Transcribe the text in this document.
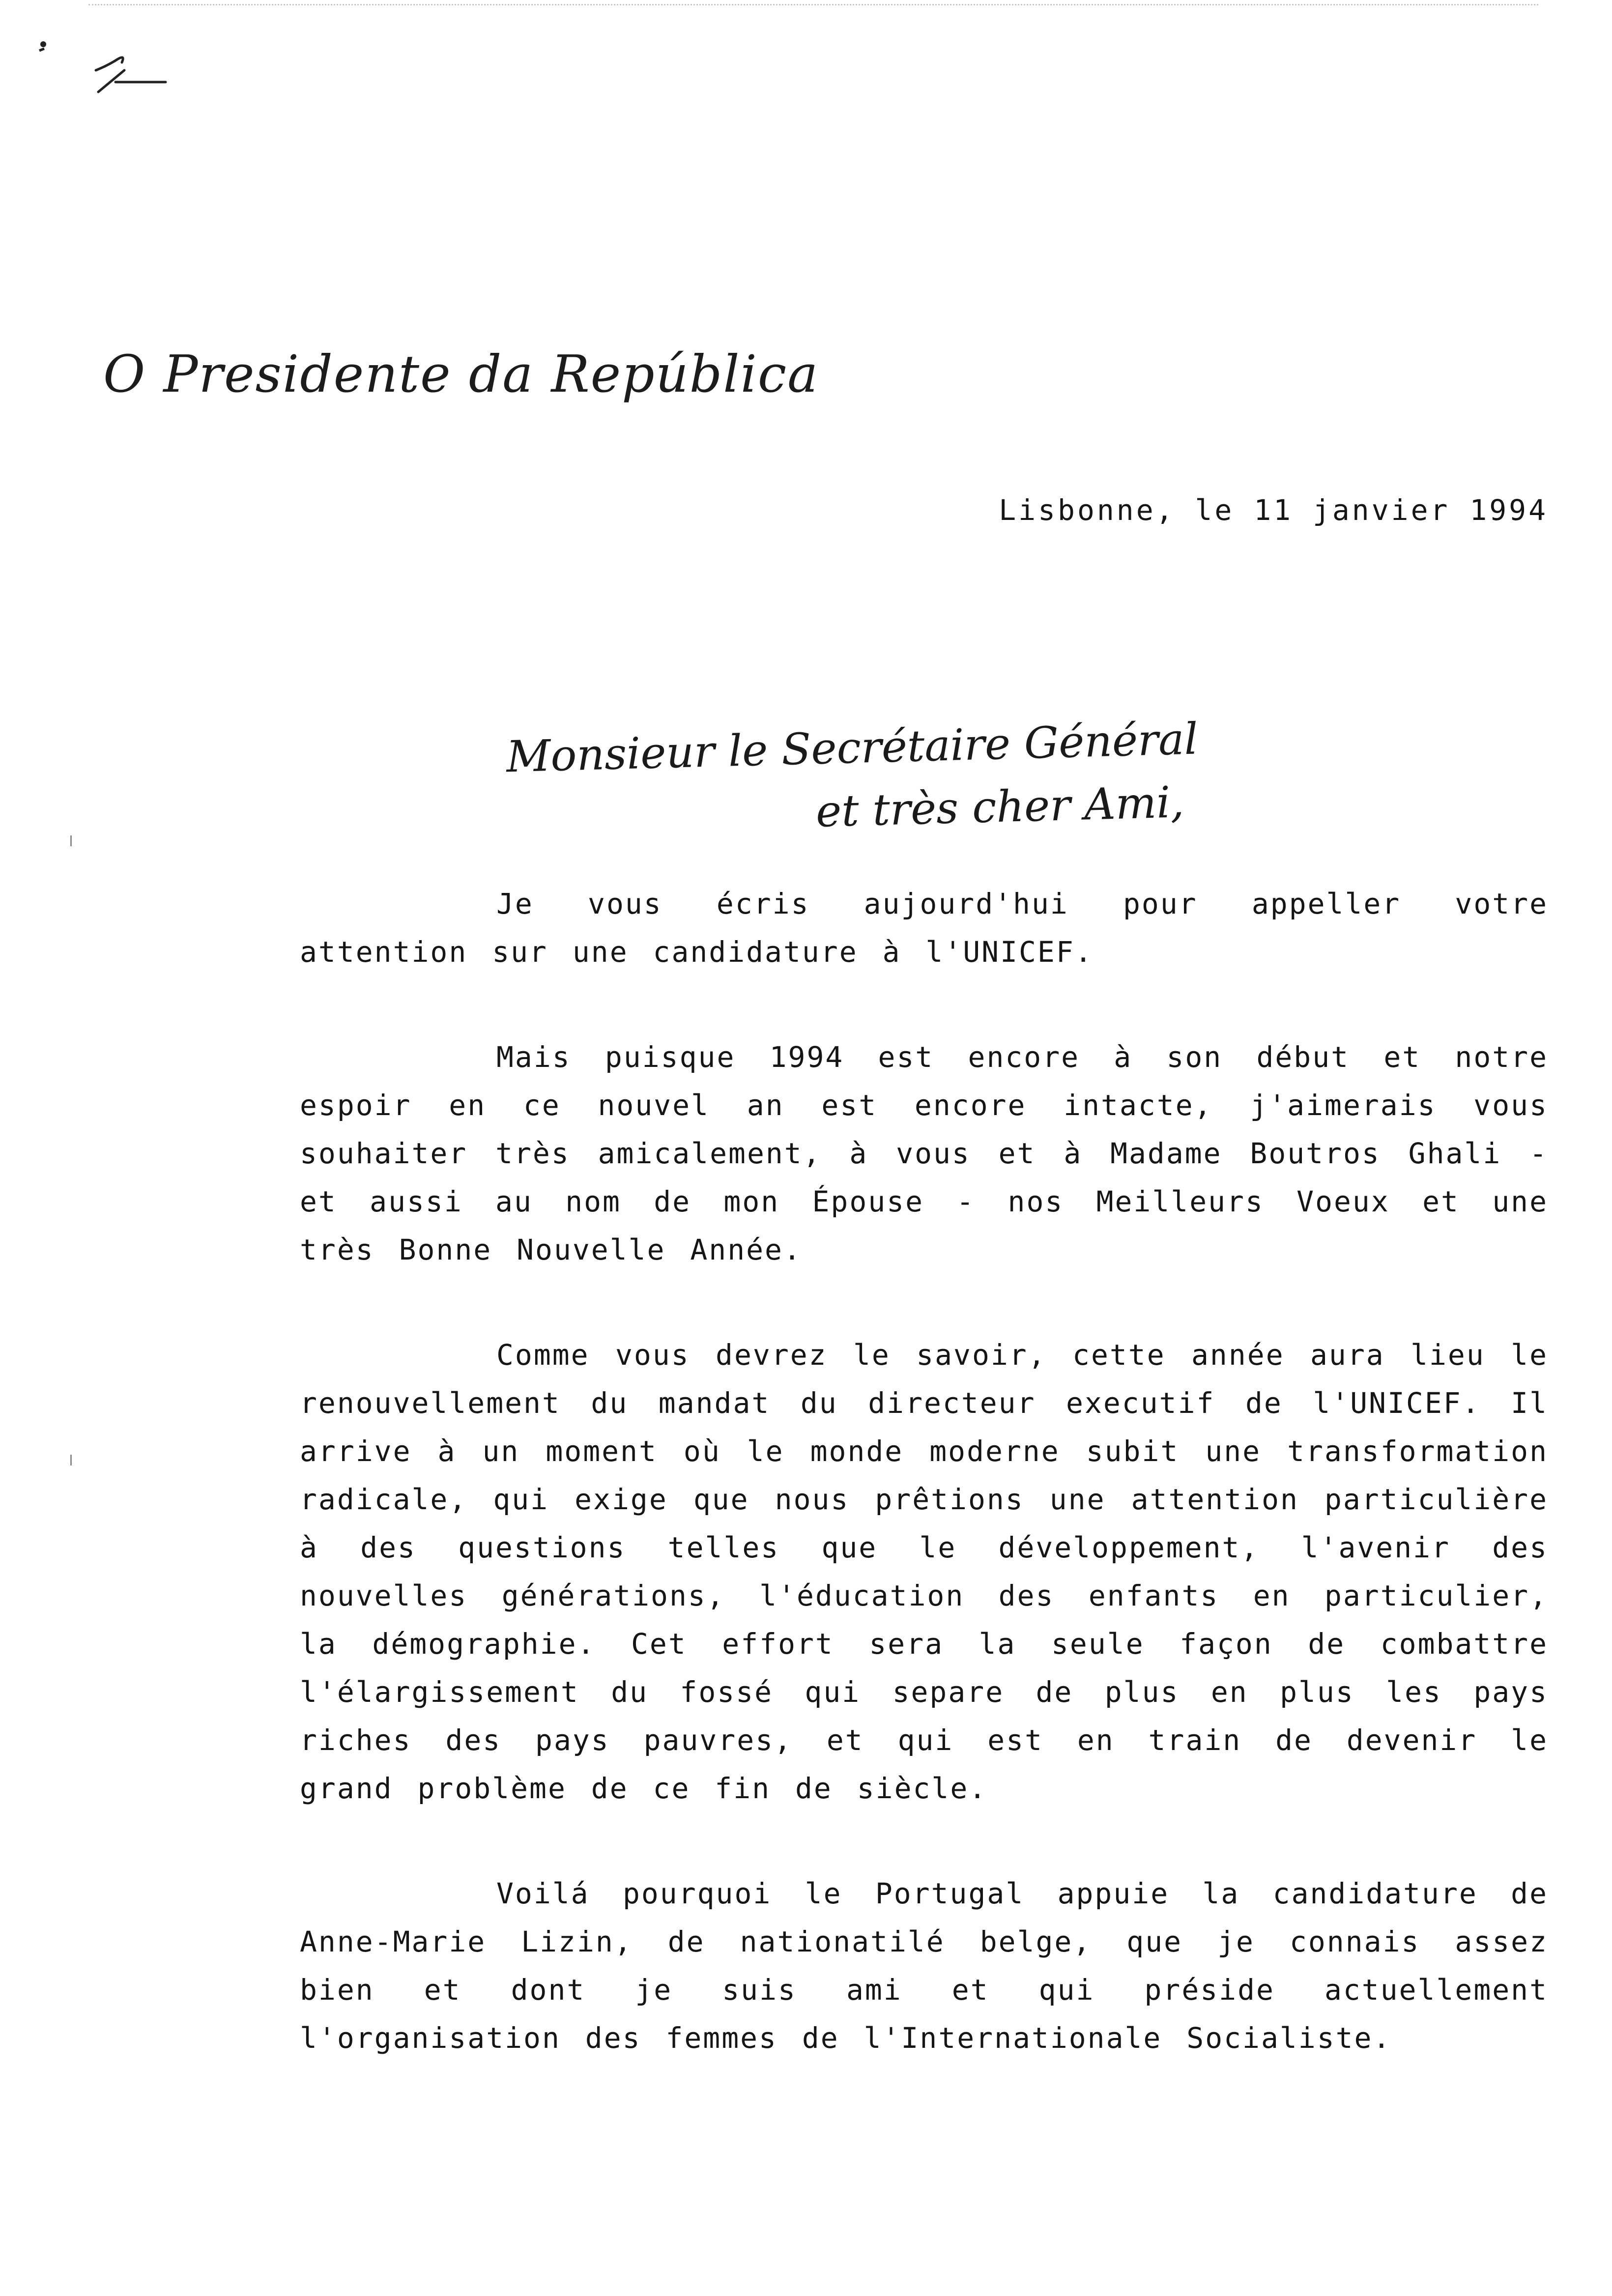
O Presidente da República
Lisbonne, le 11 janvier 1994
Monsieur le Secrétaire Général
et très cher Ami,

Je vous écris aujourd'hui pour appeller votre attention sur une candidature à l'UNICEF.

Mais puisque 1994 est encore à son début et notre espoir en ce nouvel an est encore intacte, j'aimerais vous souhaiter très amicalement, à vous et à Madame Boutros Ghali - et aussi au nom de mon Épouse - nos Meilleurs Voeux et une très Bonne Nouvelle Année.

Comme vous devrez le savoir, cette année aura lieu le renouvellement du mandat du directeur executif de l'UNICEF. Il arrive à un moment où le monde moderne subit une transformation radicale, qui exige que nous prêtions une attention particulière à des questions telles que le développement, l'avenir des nouvelles générations, l'éducation des enfants en particulier, la démographie. Cet effort sera la seule façon de combattre l'élargissement du fossé qui separe de plus en plus les pays riches des pays pauvres, et qui est en train de devenir le grand problème de ce fin de siècle.

Voilá pourquoi le Portugal appuie la candidature de Anne-Marie Lizin, de nationatilé belge, que je connais assez bien et dont je suis ami et qui préside actuellement l'organisation des femmes de l'Internationale Socialiste.
